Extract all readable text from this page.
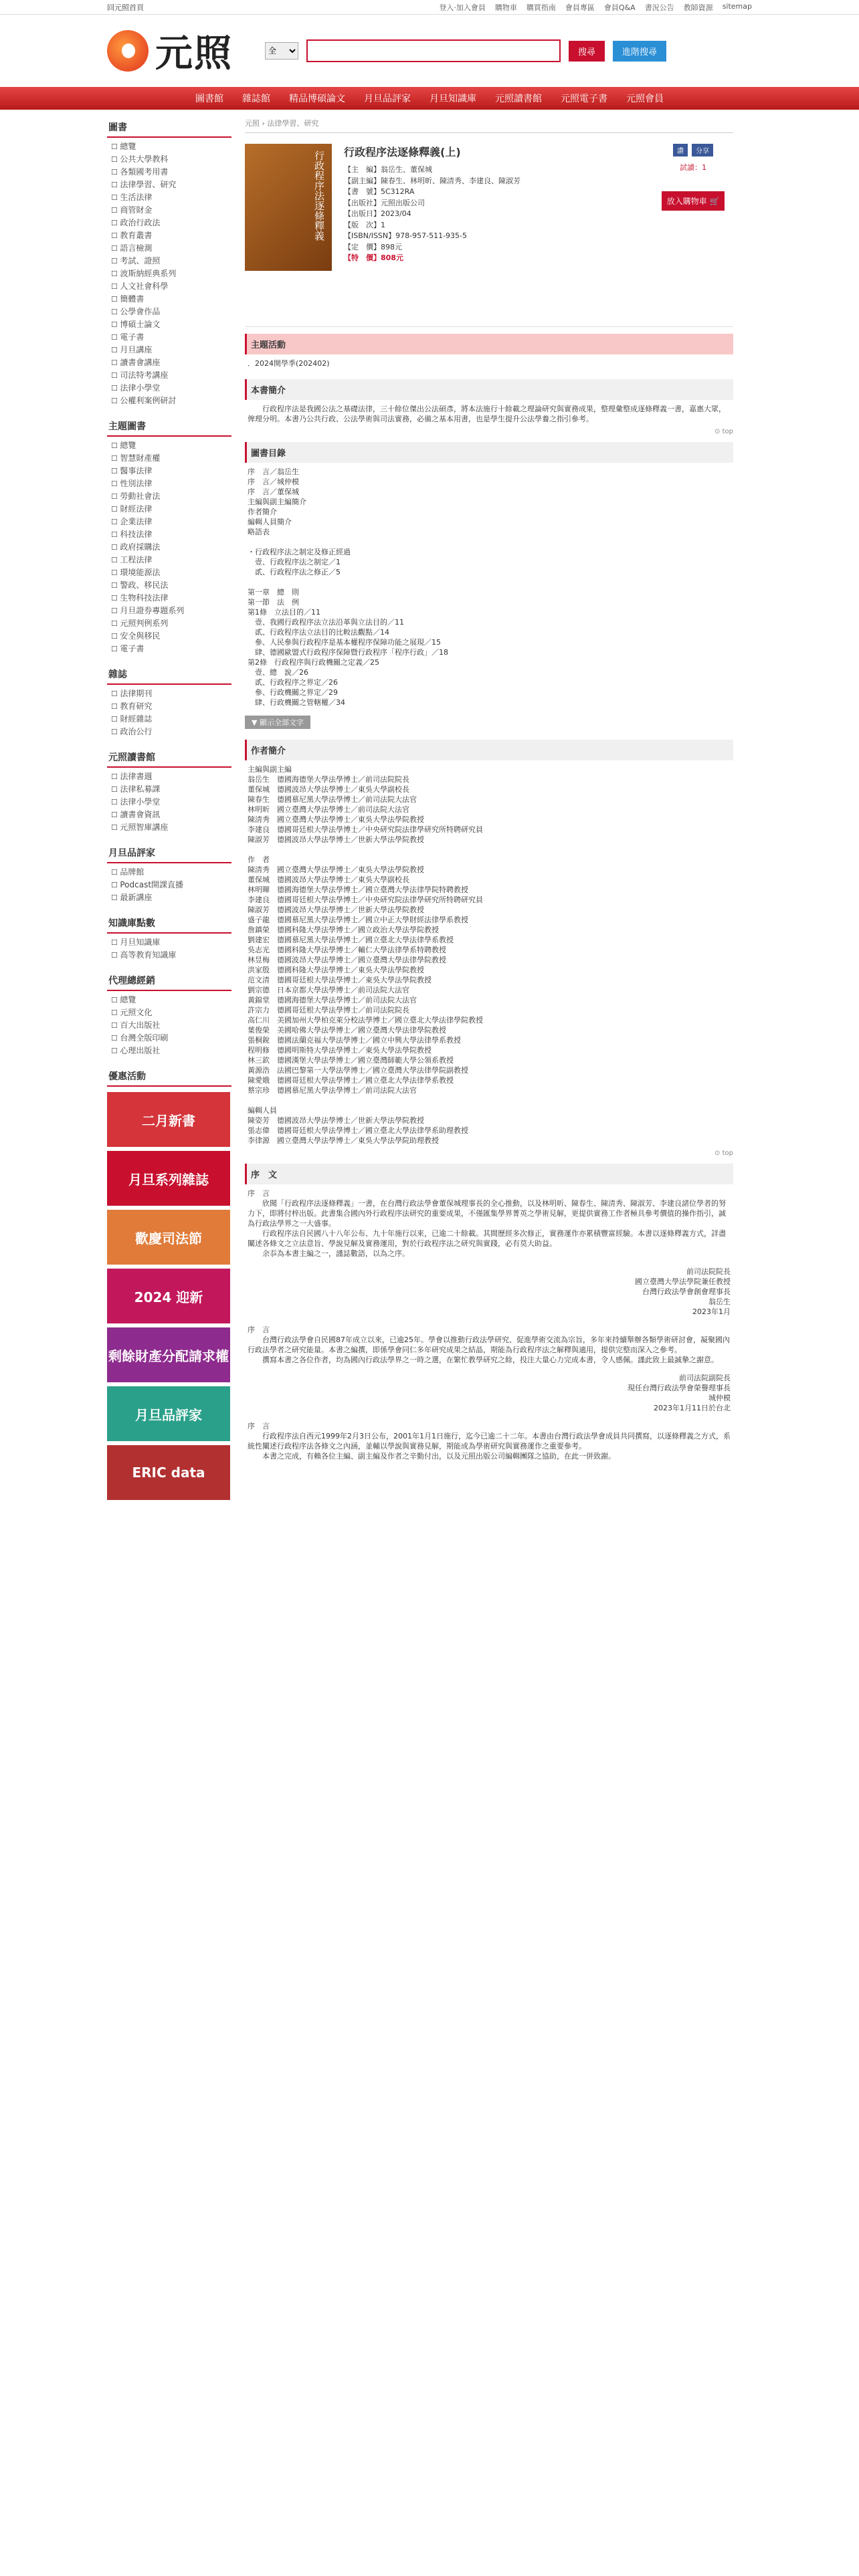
回元照首頁	登入‧加入會員 購物車 購買指南 會員專區 會員Q&A 書況公告 教師資源 sitemap
元照
全	搜尋	進階搜尋
圖書館	雜誌館	精品博碩論文	月旦品評家	月旦知識庫	元照讀書館	元照電子書	元照會員
圖書
☐ 總覽
☐ 公共大學教科
☐ 各類國考用書
☐ 法律學習、研究
☐ 生活法律
☐ 商管財金
☐ 政治行政法
☐ 教育叢書
☐ 語言檢測
☐ 考試、證照
☐ 波斯納經典系列
☐ 人文社會科學
☐ 簡體書
☐ 公學會作品
☐ 博碩士論文
☐ 電子書
☐ 月旦講座
☐ 讀書會講座
☐ 司法特考講座
☐ 法律小學堂
☐ 公權利案例研討
主題圖書
☐ 總覽
☐ 智慧財產權
☐ 醫事法律
☐ 性別法律
☐ 勞動社會法
☐ 財經法律
☐ 企業法律
☐ 科技法律
☐ 政府採購法
☐ 工程法律
☐ 環境能源法
☐ 警政、移民法
☐ 生物科技法律
☐ 月旦證券專題系列
☐ 元照判例系列
☐ 安全與移民
☐ 電子書
雜誌
☐ 法律期刊
☐ 教育研究
☐ 財經雜誌
☐ 政治公行
元照讀書館
☐ 法律書週
☐ 法律私募課
☐ 法律小學堂
☐ 讀書會資訊
☐ 元照智庫講座
月旦品評家
☐ 品牌館
☐ Podcast開課直播
☐ 最新講座
知識庫點數
☐ 月旦知識庫
☐ 高等教育知識庫
代理總經銷
☐ 總覽
☐ 元照文化
☐ 百大出版社
☐ 台灣全版印刷
☐ 心理出版社
優惠活動
二月新書
月旦系列雜誌
歡慶司法節
2024 迎新
剩餘財產分配請求權
月旦品評家
ERIC data
元照 › 法律學習、研究
行政程序法逐條釋義 行政程序法逐條釋義(上)

【主　編】翁岳生、董保城

【副主編】陳春生、林明昕、陳清秀、李建良、陳淑芳

【書　號】5C312RA

【出版社】元照出版公司

【出版日】2023/04

【版　次】1

【ISBN/ISSN】978-957-511-935-5

【定　價】898元

【特　價】808元

讚	分享
試讀：1
放入購物車 🛒
主題活動
．2024開學季(202402)
本書簡介
　　行政程序法是我國公法之基礎法律，三十餘位傑出公法碩彥，將本法施行十餘載之理論研究與實務成果，整理彙整成逐條釋義一書，嘉惠大眾，俾理分明。本書乃公共行政、公法學術與司法實務，必備之基本用書，也是學生提升公法學養之指引參考。
⊙ top
圖書目錄
序　言／翁岳生
序　言／城仲模
序　言／董保城
主編與副主編簡介
作者簡介
編輯人員簡介
略語表

・行政程序法之制定及修正經過
　壹、行政程序法之制定／1
　貳、行政程序法之修正／5

第一章　總　則
第一節　法　例
第1條　立法目的／11
　壹、我國行政程序法立法沿革與立法目的／11
　貳、行政程序法立法目的比較法觀點／14
　參、人民參與行政程序是基本權程序保障功能之展現／15
　肆、德國歐盟式行政程序保障暨行政程序「程序行政」／18
第2條　行政程序與行政機關之定義／25
　壹、總　說／26
　貳、行政程序之界定／26
　參、行政機關之界定／29
　肆、行政機關之管轄權／34
▼ 顯示全部文字
作者簡介
主編與副主編
翁岳生　德國海德堡大學法學博士／前司法院院長
董保城　德國波昂大學法學博士／東吳大學副校長
陳春生　德國慕尼黑大學法學博士／前司法院大法官
林明昕　國立臺灣大學法學博士／前司法院大法官
陳清秀　國立臺灣大學法學博士／東吳大學法學院教授
李建良　德國哥廷根大學法學博士／中央研究院法律學研究所特聘研究員
陳淑芳　德國波昂大學法學博士／世新大學法學院教授

作　者
陳清秀　國立臺灣大學法學博士／東吳大學法學院教授
董保城　德國波昂大學法學博士／東吳大學副校長
林明暉　德國海德堡大學法學博士／國立臺灣大學法律學院特聘教授
李建良　德國哥廷根大學法學博士／中央研究院法律學研究所特聘研究員
陳淑芳　德國波昂大學法學博士／世新大學法學院教授
盛子龍　德國慕尼黑大學法學博士／國立中正大學財經法律學系教授
詹鎮榮　德國科隆大學法學博士／國立政治大學法學院教授
劉建宏　德國慕尼黑大學法學博士／國立臺北大學法律學系教授
吳志光　德國科隆大學法學博士／輔仁大學法律學系特聘教授
林昱梅　德國波昂大學法學博士／國立臺灣大學法律學院教授
洪家殷　德國科隆大學法學博士／東吳大學法學院教授
范文清　德國哥廷根大學法學博士／東吳大學法學院教授
劉宗德　日本京都大學法學博士／前司法院大法官
黃錦堂　德國海德堡大學法學博士／前司法院大法官
許宗力　德國哥廷根大學法學博士／前司法院院長
高仁川　美國加州大學柏克萊分校法學博士／國立臺北大學法律學院教授
葉俊榮　美國哈佛大學法學博士／國立臺灣大學法律學院教授
張桐銳　德國法蘭克福大學法學博士／國立中興大學法律學系教授
程明修　德國明斯特大學法學博士／東吳大學法學院教授
林三欽　德國漢堡大學法學博士／國立臺灣師範大學公領系教授
黃源浩　法國巴黎第一大學法學博士／國立臺灣大學法律學院副教授
陳愛娥　德國哥廷根大學法學博士／國立臺北大學法律學系教授
蔡宗珍　德國慕尼黑大學法學博士／前司法院大法官

編輯人員
陳姿芳　德國波昂大學法學博士／世新大學法學院教授
張志偉　德國哥廷根大學法學博士／國立臺北大學法律學系助理教授
李律源　國立臺灣大學法學博士／東吳大學法學院助理教授
⊙ top
序　文
序　言
　　欣聞「行政程序法逐條釋義」一書，在台灣行政法學會董保城理事長的全心推動，以及林明昕、陳春生、陳清秀、陳淑芳、李建良諸位學者的努力下，即將付梓出版。此書集合國內外行政程序法研究的重要成果，不僅匯集學界菁英之學術見解，更提供實務工作者極具參考價值的操作指引，誠為行政法學界之一大盛事。
　　行政程序法自民國八十八年公布、九十年施行以來，已逾二十餘載。其間歷經多次修正，實務運作亦累積豐富經驗。本書以逐條釋義方式，詳盡闡述各條文之立法意旨、學說見解及實務運用，對於行政程序法之研究與實踐，必有莫大助益。
　　余忝為本書主編之一，謹誌數語，以為之序。
前司法院院長
國立臺灣大學法學院兼任教授
台灣行政法學會創會理事長
翁岳生
2023年1月
序　言
　　台灣行政法學會自民國87年成立以來，已逾25年。學會以推動行政法學研究、促進學術交流為宗旨，多年來持續舉辦各類學術研討會，凝聚國內行政法學者之研究能量。本書之編撰，即係學會同仁多年研究成果之結晶，期能為行政程序法之解釋與適用，提供完整而深入之參考。
　　撰寫本書之各位作者，均為國內行政法學界之一時之選，在繁忙教學研究之餘，投注大量心力完成本書，令人感佩。謹此致上最誠摯之謝意。
前司法院副院長
現任台灣行政法學會榮譽理事長
城仲模
2023年1月11日於台北
序　言
　　行政程序法自西元1999年2月3日公布，2001年1月1日施行，迄今已逾二十二年。本書由台灣行政法學會成員共同撰寫，以逐條釋義之方式，系統性闡述行政程序法各條文之內涵，並輔以學說與實務見解，期能成為學術研究與實務運作之重要參考。
　　本書之完成，有賴各位主編、副主編及作者之辛勤付出，以及元照出版公司編輯團隊之協助，在此一併致謝。
